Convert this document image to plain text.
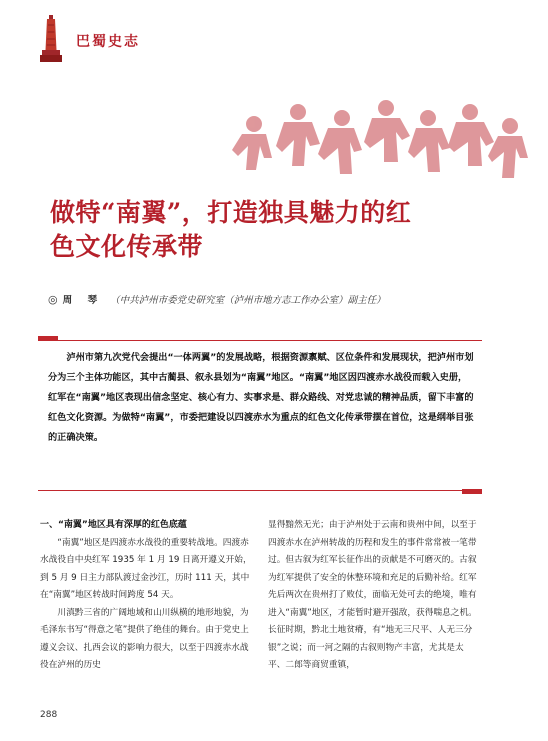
巴蜀史志
做特“南翼”，打造独具魅力的红
色文化传承带
◎ 周　琴 （中共泸州市委党史研究室（泸州市地方志工作办公室）副主任）

泸州市第九次党代会提出“一体两翼”的发展战略，根据资源禀赋、区位条件和发展现状，把泸州市划分为三个主体功能区，其中古蔺县、叙永县划为“南翼”地区。“南翼”地区因四渡赤水战役而载入史册，红军在“南翼”地区表现出信念坚定、核心有力、实事求是、群众路线、对党忠诚的精神品质，留下丰富的红色文化资源。为做特“南翼”，市委把建设以四渡赤水为重点的红色文化传承带摆在首位，这是纲举目张的正确决策。

一、“南翼”地区具有深厚的红色底蕴

“南翼”地区是四渡赤水战役的重要转战地。四渡赤水战役自中央红军 1935 年 1 月 19 日离开遵义开始，到 5 月 9 日主力部队渡过金沙江，历时 111 天，其中在“南翼”地区转战时间跨度 54 天。

川滇黔三省的广阔地域和山川纵横的地形地貌，为毛泽东书写“得意之笔”提供了绝佳的舞台。由于党史上遵义会议、扎西会议的影响力很大，以至于四渡赤水战役在泸州的历史

显得黯然无光；由于泸州处于云南和贵州中间，以至于四渡赤水在泸州转战的历程和发生的事件常常被一笔带过。但古叙为红军长征作出的贡献是不可磨灭的。古叙为红军提供了安全的休整环境和充足的后勤补给。红军先后两次在贵州打了败仗，面临无处可去的绝境，唯有进入“南翼”地区，才能暂时避开强敌，获得喘息之机。长征时期，黔北土地贫瘠，有“地无三尺平、人无三分银”之说；而一河之隔的古叙则物产丰富，尤其是太平、二郎等商贸重镇，

288
